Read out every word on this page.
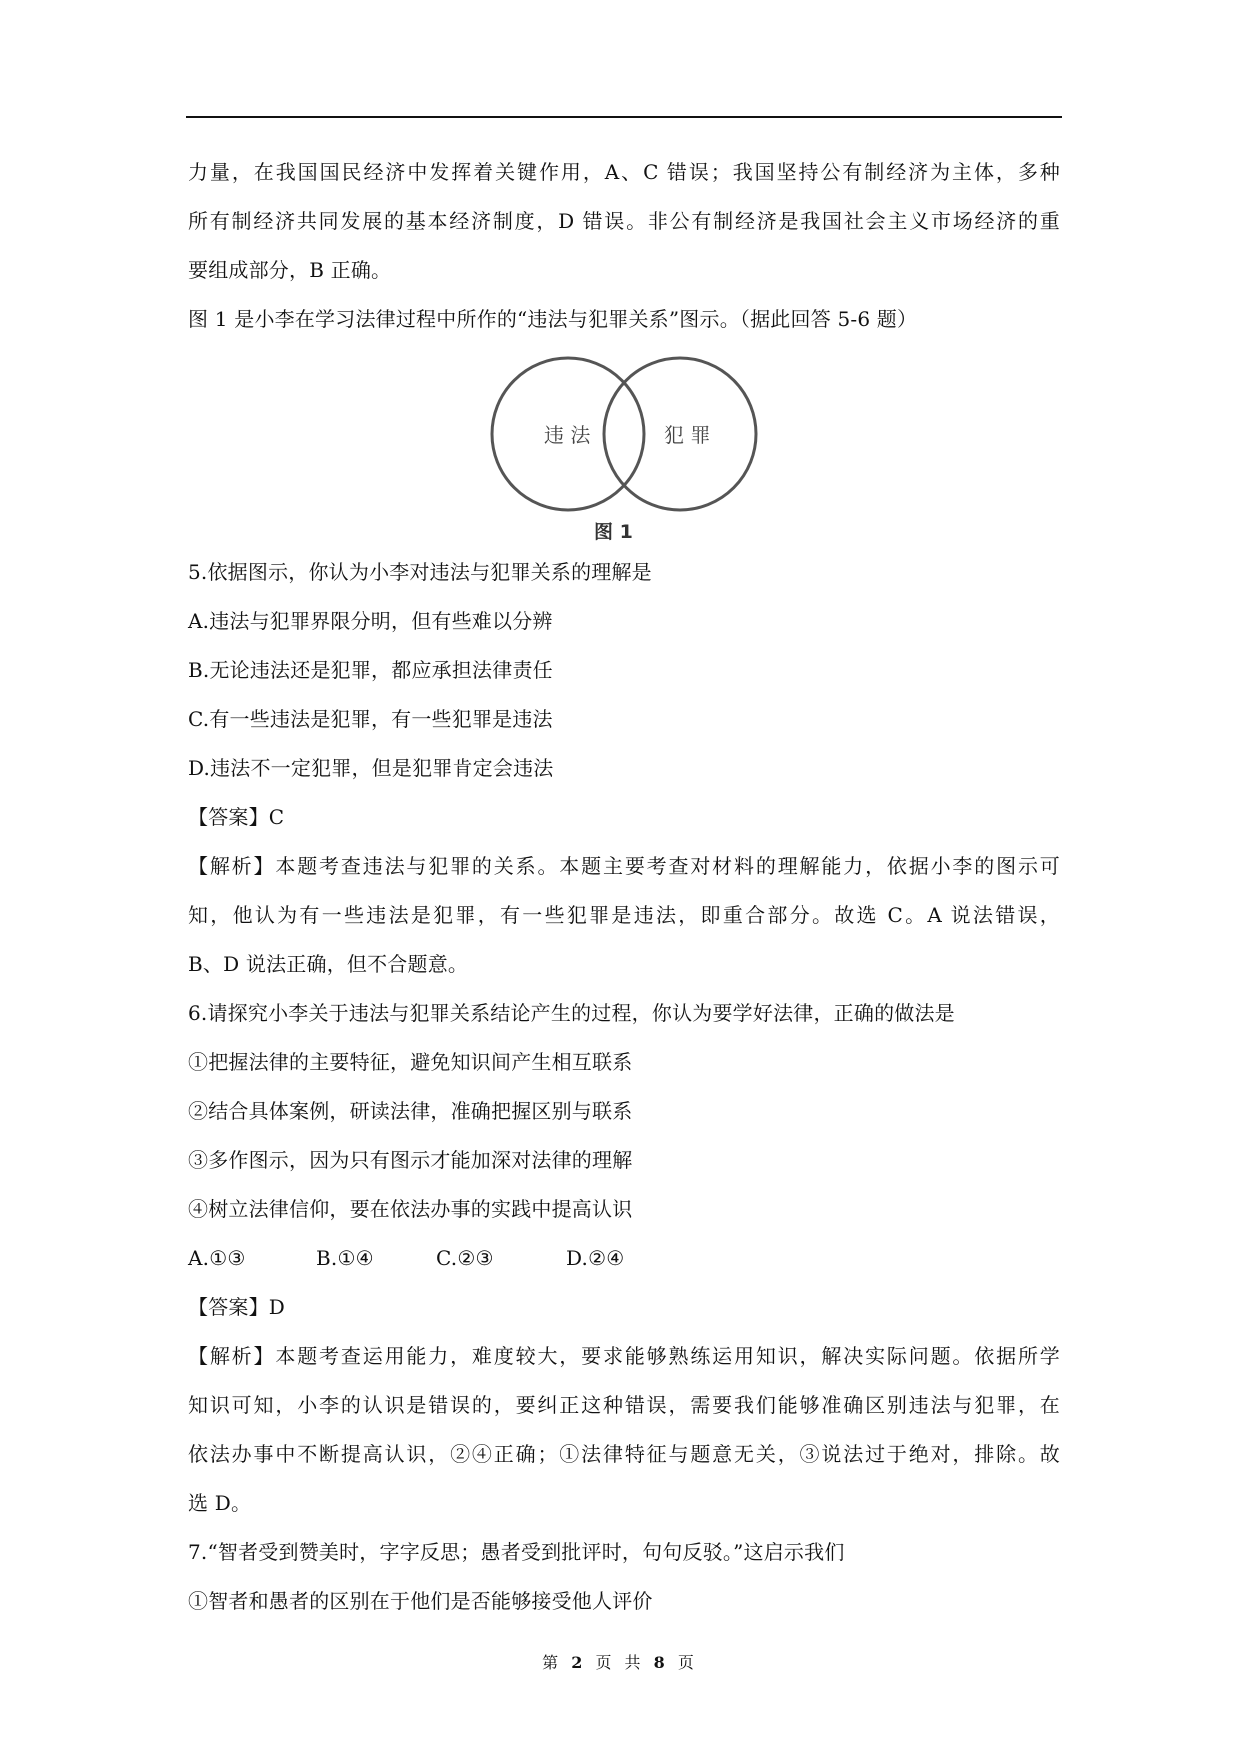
力量，在我国国民经济中发挥着关键作用，A、C 错误；我国坚持公有制经济为主体，多种
所有制经济共同发展的基本经济制度，D 错误。非公有制经济是我国社会主义市场经济的重
要组成部分，B 正确。
图 1 是小李在学习法律过程中所作的“违法与犯罪关系”图示。（据此回答 5-6 题）
违 法	犯 罪
图 1
5.依据图示，你认为小李对违法与犯罪关系的理解是
A.违法与犯罪界限分明，但有些难以分辨
B.无论违法还是犯罪，都应承担法律责任
C.有一些违法是犯罪，有一些犯罪是违法
D.违法不一定犯罪，但是犯罪肯定会违法
【答案】C
【解析】本题考查违法与犯罪的关系。本题主要考查对材料的理解能力，依据小李的图示可
知，他认为有一些违法是犯罪，有一些犯罪是违法，即重合部分。故选 C。A 说法错误，
B、D 说法正确，但不合题意。
6.请探究小李关于违法与犯罪关系结论产生的过程，你认为要学好法律，正确的做法是
①把握法律的主要特征，避免知识间产生相互联系
②结合具体案例，研读法律，准确把握区别与联系
③多作图示，因为只有图示才能加深对法律的理解
④树立法律信仰，要在依法办事的实践中提高认识
A.①③	B.①④	C.②③	D.②④
【答案】D
【解析】本题考查运用能力，难度较大，要求能够熟练运用知识，解决实际问题。依据所学
知识可知，小李的认识是错误的，要纠正这种错误，需要我们能够准确区别违法与犯罪，在
依法办事中不断提高认识，②④正确；①法律特征与题意无关，③说法过于绝对，排除。故
选 D。
7.“智者受到赞美时，字字反思；愚者受到批评时，句句反驳。”这启示我们
①智者和愚者的区别在于他们是否能够接受他人评价
第 2 页 共 8 页
